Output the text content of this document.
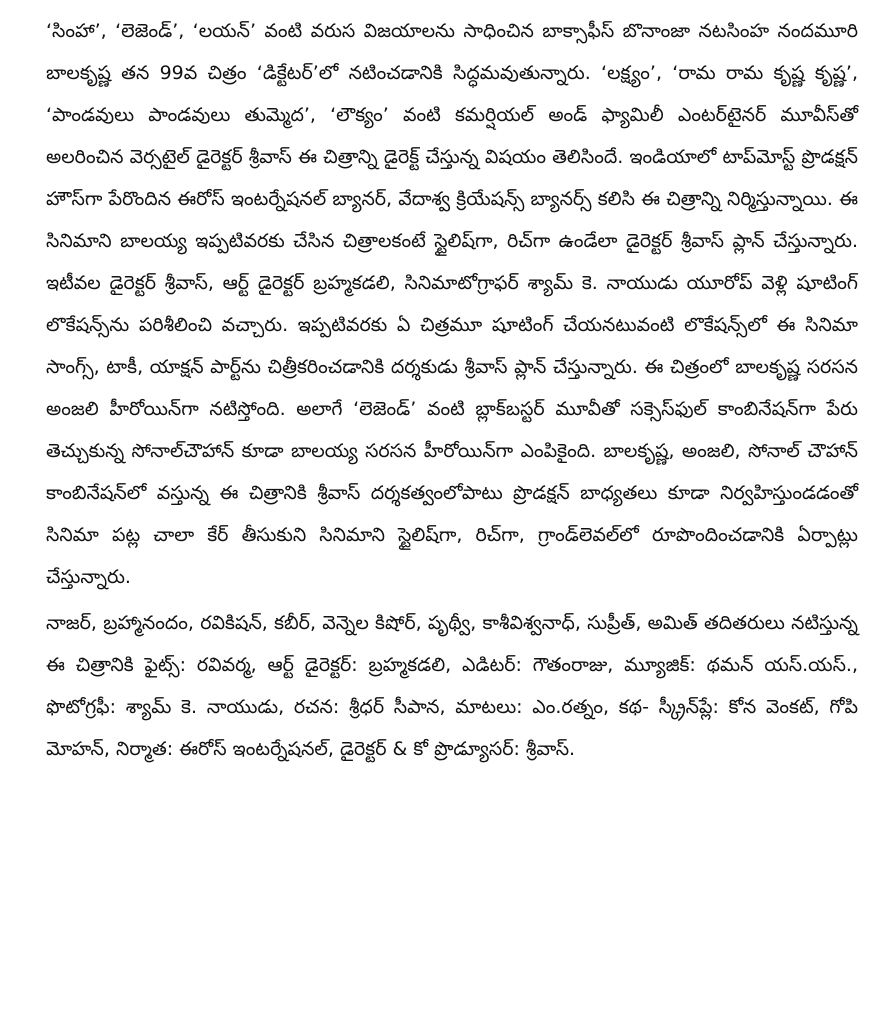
‘సింహా’, ‘లెజెండ్’, ‘లయన్’ వంటి వరుస విజయాలను సాధించిన బాక్సాఫీస్ బొనాంజా నటసింహ నందమూరి బాలకృష్ణ తన 99వ చిత్రం ‘డిక్టేటర్’లో నటించడానికి సిద్ధమవుతున్నారు. ‘లక్ష్యం’, ‘రామ రామ కృష్ణ కృష్ణ’, ‘పాండవులు పాండవులు తుమ్మెద’, ‘లౌక్యం’ వంటి కమర్షియల్ అండ్ ఫ్యామిలీ ఎంటర్‌టైనర్ మూవీస్‌తో అలరించిన వెర్సటైల్ డైరెక్టర్ శ్రీవాస్ ఈ చిత్రాన్ని డైరెక్ట్ చేస్తున్న విషయం తెలిసిందే. ఇండియాలో టాప్‌మోస్ట్ ప్రొడక్షన్ హౌస్‌గా పేరొందిన ఈరోస్ ఇంటర్నేషనల్ బ్యానర్, వేదాశ్వ క్రియేషన్స్ బ్యానర్స్ కలిసి ఈ చిత్రాన్ని నిర్మిస్తున్నాయి. ఈ సినిమాని బాలయ్య ఇప్పటివరకు చేసిన చిత్రాలకంటే స్టైలిష్‌గా, రిచ్‌గా ఉండేలా డైరెక్టర్ శ్రీవాస్ ప్లాన్ చేస్తున్నారు. ఇటీవల డైరెక్టర్ శ్రీవాస్, ఆర్ట్ డైరెక్టర్ బ్రహ్మకడలి, సినిమాటోగ్రాఫర్ శ్యామ్ కె. నాయుడు యూరోప్ వెళ్లి షూటింగ్ లొకేషన్స్‌ను పరిశీలించి వచ్చారు. ఇప్పటివరకు ఏ చిత్రమూ షూటింగ్ చేయనటువంటి లొకేషన్స్‌లో ఈ సినిమా సాంగ్స్, టాకీ, యాక్షన్ పార్ట్‌ను చిత్రీకరించడానికి దర్శకుడు శ్రీవాస్ ప్లాన్ చేస్తున్నారు. ఈ చిత్రంలో బాలకృష్ణ సరసన అంజలి హీరోయిన్‌గా నటిస్తోంది. అలాగే ‘లెజెండ్’ వంటి బ్లాక్‌బస్టర్ మూవీతో సక్సెస్‌ఫుల్ కాంబినేషన్‌గా పేరు తెచ్చుకున్న సోనాల్‌చౌహాన్ కూడా బాలయ్య సరసన హీరోయిన్‌గా ఎంపికైంది. బాలకృష్ణ, అంజలి, సోనాల్ చౌహాన్ కాంబినేషన్‌లో వస్తున్న ఈ చిత్రానికి శ్రీవాస్ దర్శకత్వంలోపాటు ప్రొడక్షన్ బాధ్యతలు కూడా నిర్వహిస్తుండడంతో సినిమా పట్ల చాలా కేర్ తీసుకుని సినిమాని స్టైలిష్‌గా, రిచ్‌గా, గ్రాండ్‌లెవల్‌లో రూపొందించడానికి ఏర్పాట్లు చేస్తున్నారు.

నాజర్, బ్రహ్మానందం, రవికిషన్, కబీర్, వెన్నెల కిషోర్, పృథ్వీ, కాశీవిశ్వనాధ్, సుప్రీత్, అమిత్ తదితరులు నటిస్తున్న ఈ చిత్రానికి ఫైట్స్: రవివర్మ, ఆర్ట్ డైరెక్టర్: బ్రహ్మకడలి, ఎడిటర్: గౌతంరాజు, మ్యూజిక్: థమన్ యస్.యస్., ఫొటోగ్రఫీ: శ్యామ్ కె. నాయుడు, రచన: శ్రీధర్ సీపాన, మాటలు: ఎం.రత్నం, కథ- స్క్రీన్‌ప్లే: కోన వెంకట్, గోపి మోహన్, నిర్మాత: ఈరోస్ ఇంటర్నేషనల్, డైరెక్టర్ & కో ప్రొడ్యూసర్: శ్రీవాస్.
